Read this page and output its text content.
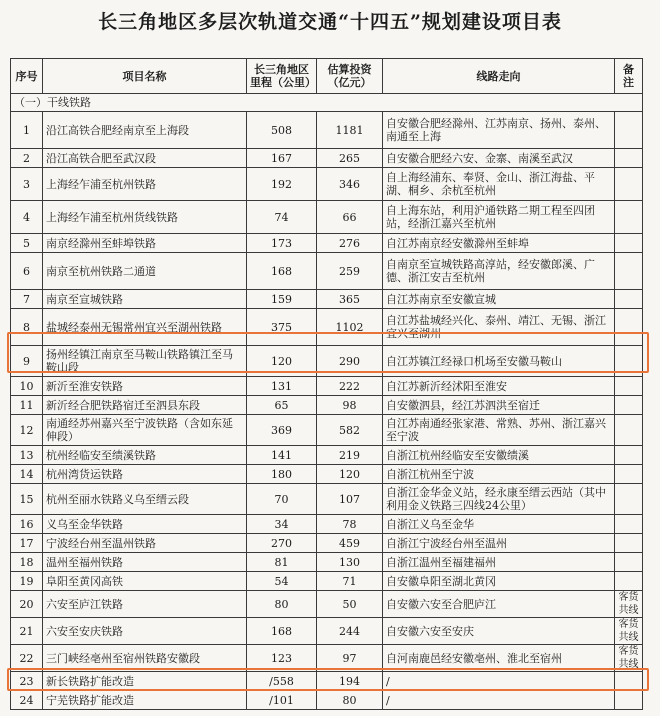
长三角地区多层次轨道交通“十四五”规划建设项目表
序号	项目名称	长三角地区里程（公里）	估算投资（亿元）	线路走向	备注
（一）干线铁路					
1	沿江高铁合肥经南京至上海段	508	1181	自安徽合肥经滁州、江苏南京、扬州、泰州、南通至上海	
2	沿江高铁合肥至武汉段	167	265	自安徽合肥经六安、金寨、南溪至武汉	
3	上海经乍浦至杭州铁路	192	346	自上海经浦东、奉贤、金山、浙江海盐、平湖、桐乡、余杭至杭州	
4	上海经乍浦至杭州货线铁路	74	66	自上海东站，利用沪通铁路二期工程至四团站，经浙江嘉兴至杭州	
5	南京经滁州至蚌埠铁路	173	276	自江苏南京经安徽滁州至蚌埠	
6	南京至杭州铁路二通道	168	259	自南京至宣城铁路高淳站，经安徽郎溪、广德、浙江安吉至杭州	
7	南京至宣城铁路	159	365	自江苏南京至安徽宣城	
8	盐城经泰州无锡常州宜兴至湖州铁路	375	1102	自江苏盐城经兴化、泰州、靖江、无锡、浙江宜兴至湖州	
9	扬州经镇江南京至马鞍山铁路镇江至马鞍山段	120	290	自江苏镇江经禄口机场至安徽马鞍山	
10	新沂至淮安铁路	131	222	自江苏新沂经沭阳至淮安	
11	新沂经合肥铁路宿迁至泗县东段	65	98	自安徽泗县，经江苏泗洪至宿迁	
12	南通经苏州嘉兴至宁波铁路（含如东延伸段）	369	582	自江苏南通经张家港、常熟、苏州、浙江嘉兴至宁波	
13	杭州经临安至绩溪铁路	141	219	自浙江杭州经临安至安徽绩溪	
14	杭州湾货运铁路	180	120	自浙江杭州至宁波	
15	杭州至丽水铁路义乌至缙云段	70	107	自浙江金华金义站，经永康至缙云西站（其中利用金义铁路三四线24公里）	
16	义乌至金华铁路	34	78	自浙江义乌至金华	
17	宁波经台州至温州铁路	270	459	自浙江宁波经台州至温州	
18	温州至福州铁路	81	130	自浙江温州至福建福州	
19	阜阳至黄冈高铁	54	71	自安徽阜阳至湖北黄冈	
20	六安至庐江铁路	80	50	自安徽六安至合肥庐江	客货共线
21	六安至安庆铁路	168	244	自安徽六安至安庆	客货共线
22	三门峡经亳州至宿州铁路安徽段	123	97	自河南鹿邑经安徽亳州、淮北至宿州	客货共线
23	新长铁路扩能改造	/558	194	/	
24	宁芜铁路扩能改造	/101	80	/	
